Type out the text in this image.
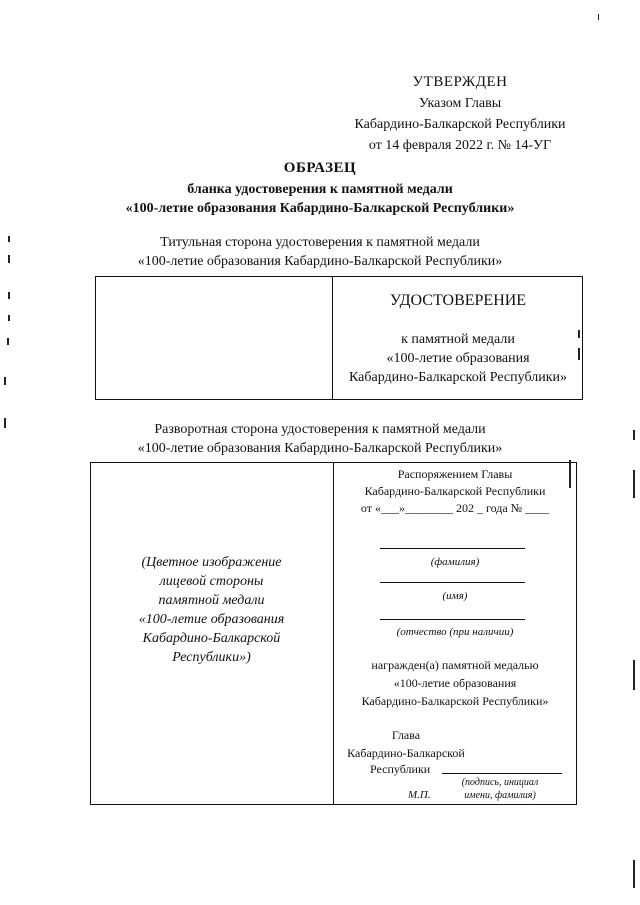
УТВЕРЖДЕН
Указом Главы
Кабардино-Балкарской Республики
от 14 февраля 2022 г. № 14-УГ
ОБРАЗЕЦ
бланка удостоверения к памятной медали
«100-летие образования Кабардино-Балкарской Республики»
Титульная сторона удостоверения к памятной медали
«100-летие образования Кабардино-Балкарской Республики»
УДОСТОВЕРЕНИЕ
к памятной медали
«100-летие образования
Кабардино-Балкарской Республики»
Разворотная сторона удостоверения к памятной медали
«100-летие образования Кабардино-Балкарской Республики»
(Цветное изображение
лицевой стороны
памятной медали
«100-летие образования
Кабардино-Балкарской
Республики»)
Распоряжением Главы
Кабардино-Балкарской Республики
от «___»________ 202 _ года № ____
(фамилия)
(имя)
(отчество (при наличии)
награжден(а) памятной медалью
«100-летие образования
Кабардино-Балкарской Республики»
Глава
Кабардино-Балкарской
Республики
(подпись, инициал
имени, фамилия)
М.П.
